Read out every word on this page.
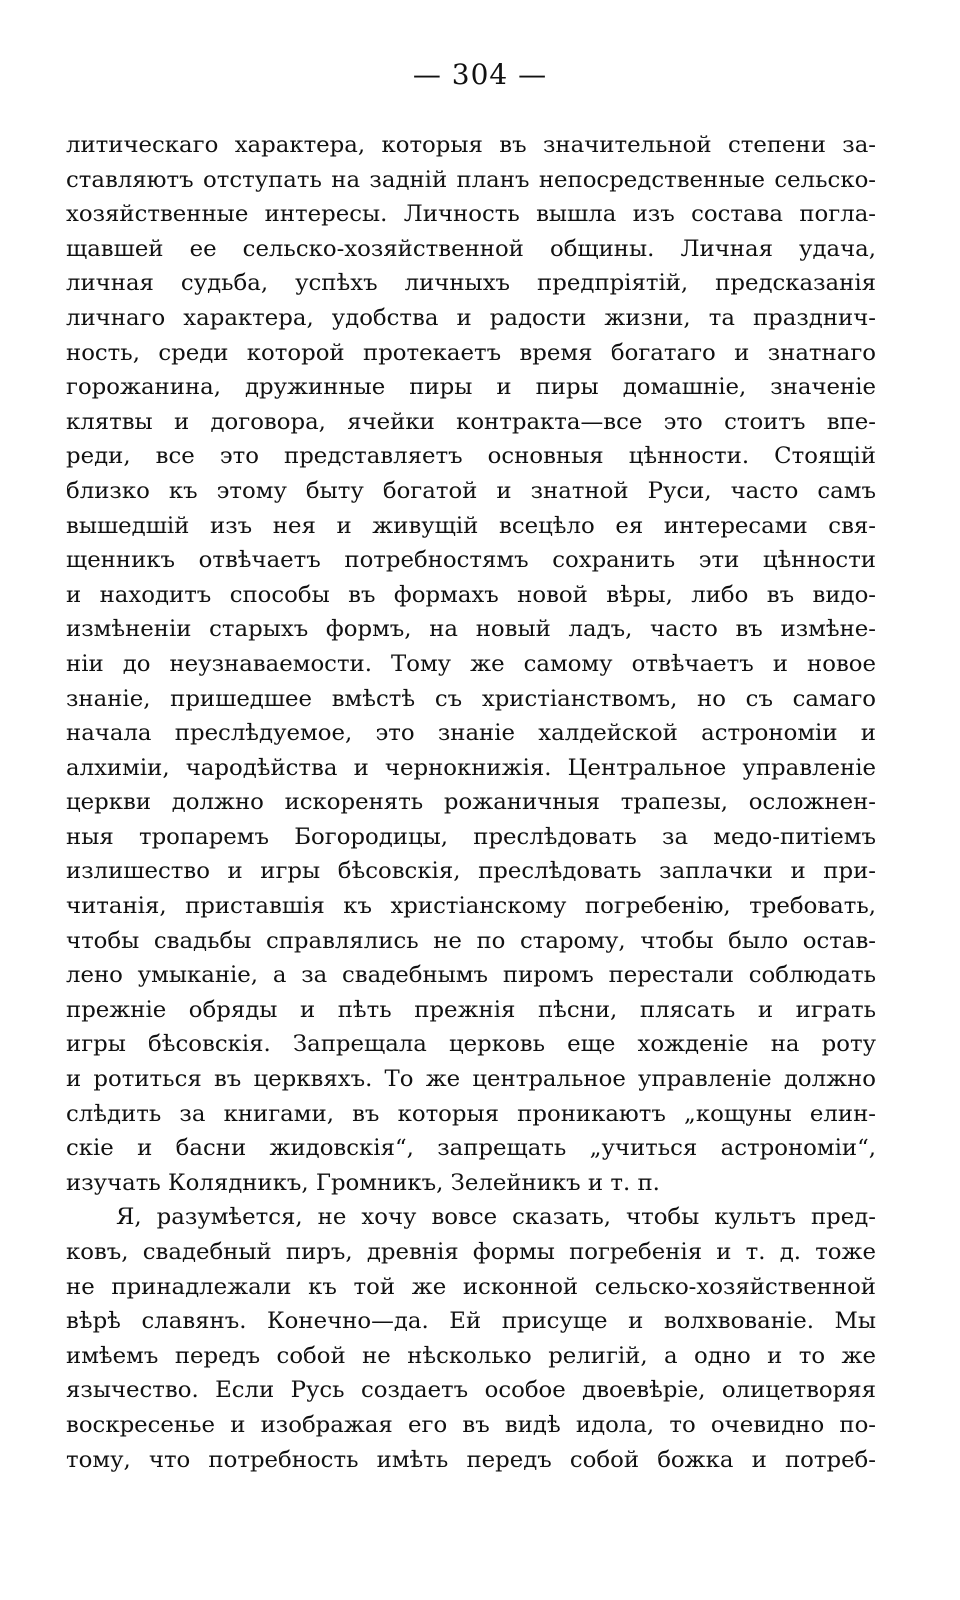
— 304 —
литическаго характера, которыя въ значительной степени за-
ставляютъ отступать на заднiй планъ непосредственные сельско-
хозяйственные интересы. Личность вышла изъ состава погла-
щавшей ее сельско-хозяйственной общины. Личная удача,
личная судьба, успѣхъ личныхъ предпрiятiй, предсказанiя
личнаго характера, удобства и радости жизни, та празднич-
ность, среди которой протекаетъ время богатаго и знатнаго
горожанина, дружинные пиры и пиры домашнiе, значенiе
клятвы и договора, ячейки контракта—все это стоитъ впе-
реди, все это представляетъ основныя цѣнности. Стоящiй
близко къ этому быту богатой и знатной Руси, часто самъ
вышедшiй изъ нея и живущiй всецѣло ея интересами свя-
щенникъ отвѣчаетъ потребностямъ сохранить эти цѣнности
и находитъ способы въ формахъ новой вѣры, либо въ видо-
измѣненiи старыхъ формъ, на новый ладъ, часто въ измѣне-
нiи до неузнаваемости. Тому же самому отвѣчаетъ и новое
знанiе, пришедшее вмѣстѣ съ христiанствомъ, но съ самаго
начала преслѣдуемое, это знанiе халдейской астрономiи и
алхимiи, чародѣйства и чернокнижiя. Центральное управленiе
церкви должно искоренять рожаничныя трапезы, осложнен-
ныя тропаремъ Богородицы, преслѣдовать за медо-питiемъ
излишество и игры бѣсовскiя, преслѣдовать заплачки и при-
читанiя, приставшiя къ христiанскому погребенiю, требовать,
чтобы свадьбы справлялись не по старому, чтобы было остав-
лено умыканiе, а за свадебнымъ пиромъ перестали соблюдать
прежнiе обряды и пѣть прежнiя пѣсни, плясать и играть
игры бѣсовскiя. Запрещала церковь еще хожденiе на роту
и ротиться въ церквяхъ. То же центральное управленiе должно
слѣдить за книгами, въ которыя проникаютъ „кощуны елин-
скiе и басни жидовскiя“, запрещать „учиться астрономiи“,
изучать Колядникъ, Громникъ, Зелейникъ и т. п.
Я, разумѣется, не хочу вовсе сказать, чтобы культъ пред-
ковъ, свадебный пиръ, древнiя формы погребенiя и т. д. тоже
не принадлежали къ той же исконной сельско-хозяйственной
вѣрѣ славянъ. Конечно—да. Ей присуще и волхвованiе. Мы
имѣемъ передъ собой не нѣсколько религiй, а одно и то же
язычество. Если Русь создаетъ особое двоевѣрiе, олицетворяя
воскресенье и изображая его въ видѣ идола, то очевидно по-
тому, что потребность имѣть передъ собой божка и потреб-
